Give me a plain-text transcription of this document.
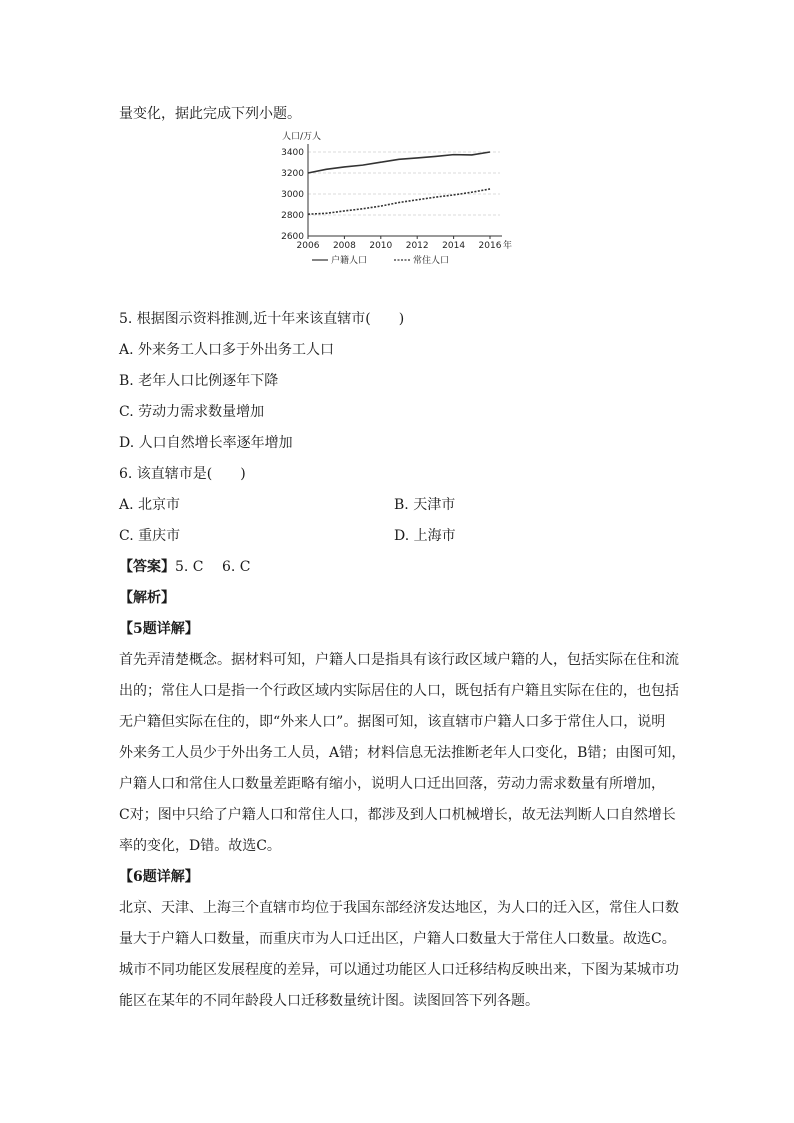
量变化，据此完成下列小题。
人口/万人
3400
3200
3000
2800
2600
2006 2008 2010 2012 2014 2016 年
户籍人口	常住人口
5. 根据图示资料推测,近十年来该直辖市(　　)
A. 外来务工人口多于外出务工人口
B. 老年人口比例逐年下降
C. 劳动力需求数量增加
D. 人口自然增长率逐年增加
6. 该直辖市是(　　)
A. 北京市	B. 天津市
C. 重庆市	D. 上海市
【答案】5. C　 6. C
【解析】
【5题详解】
首先弄清楚概念。据材料可知，户籍人口是指具有该行政区域户籍的人，包括实际在住和流
出的；常住人口是指一个行政区域内实际居住的人口，既包括有户籍且实际在住的，也包括
无户籍但实际在住的，即“外来人口”。据图可知，该直辖市户籍人口多于常住人口，说明
外来务工人员少于外出务工人员，A错；材料信息无法推断老年人口变化，B错；由图可知，
户籍人口和常住人口数量差距略有缩小，说明人口迁出回落，劳动力需求数量有所增加，
C对；图中只给了户籍人口和常住人口，都涉及到人口机械增长，故无法判断人口自然增长
率的变化，D错。故选C。
【6题详解】
北京、天津、上海三个直辖市均位于我国东部经济发达地区，为人口的迁入区，常住人口数
量大于户籍人口数量，而重庆市为人口迁出区，户籍人口数量大于常住人口数量。故选C。
城市不同功能区发展程度的差异，可以通过功能区人口迁移结构反映出来，下图为某城市功
能区在某年的不同年龄段人口迁移数量统计图。读图回答下列各题。
